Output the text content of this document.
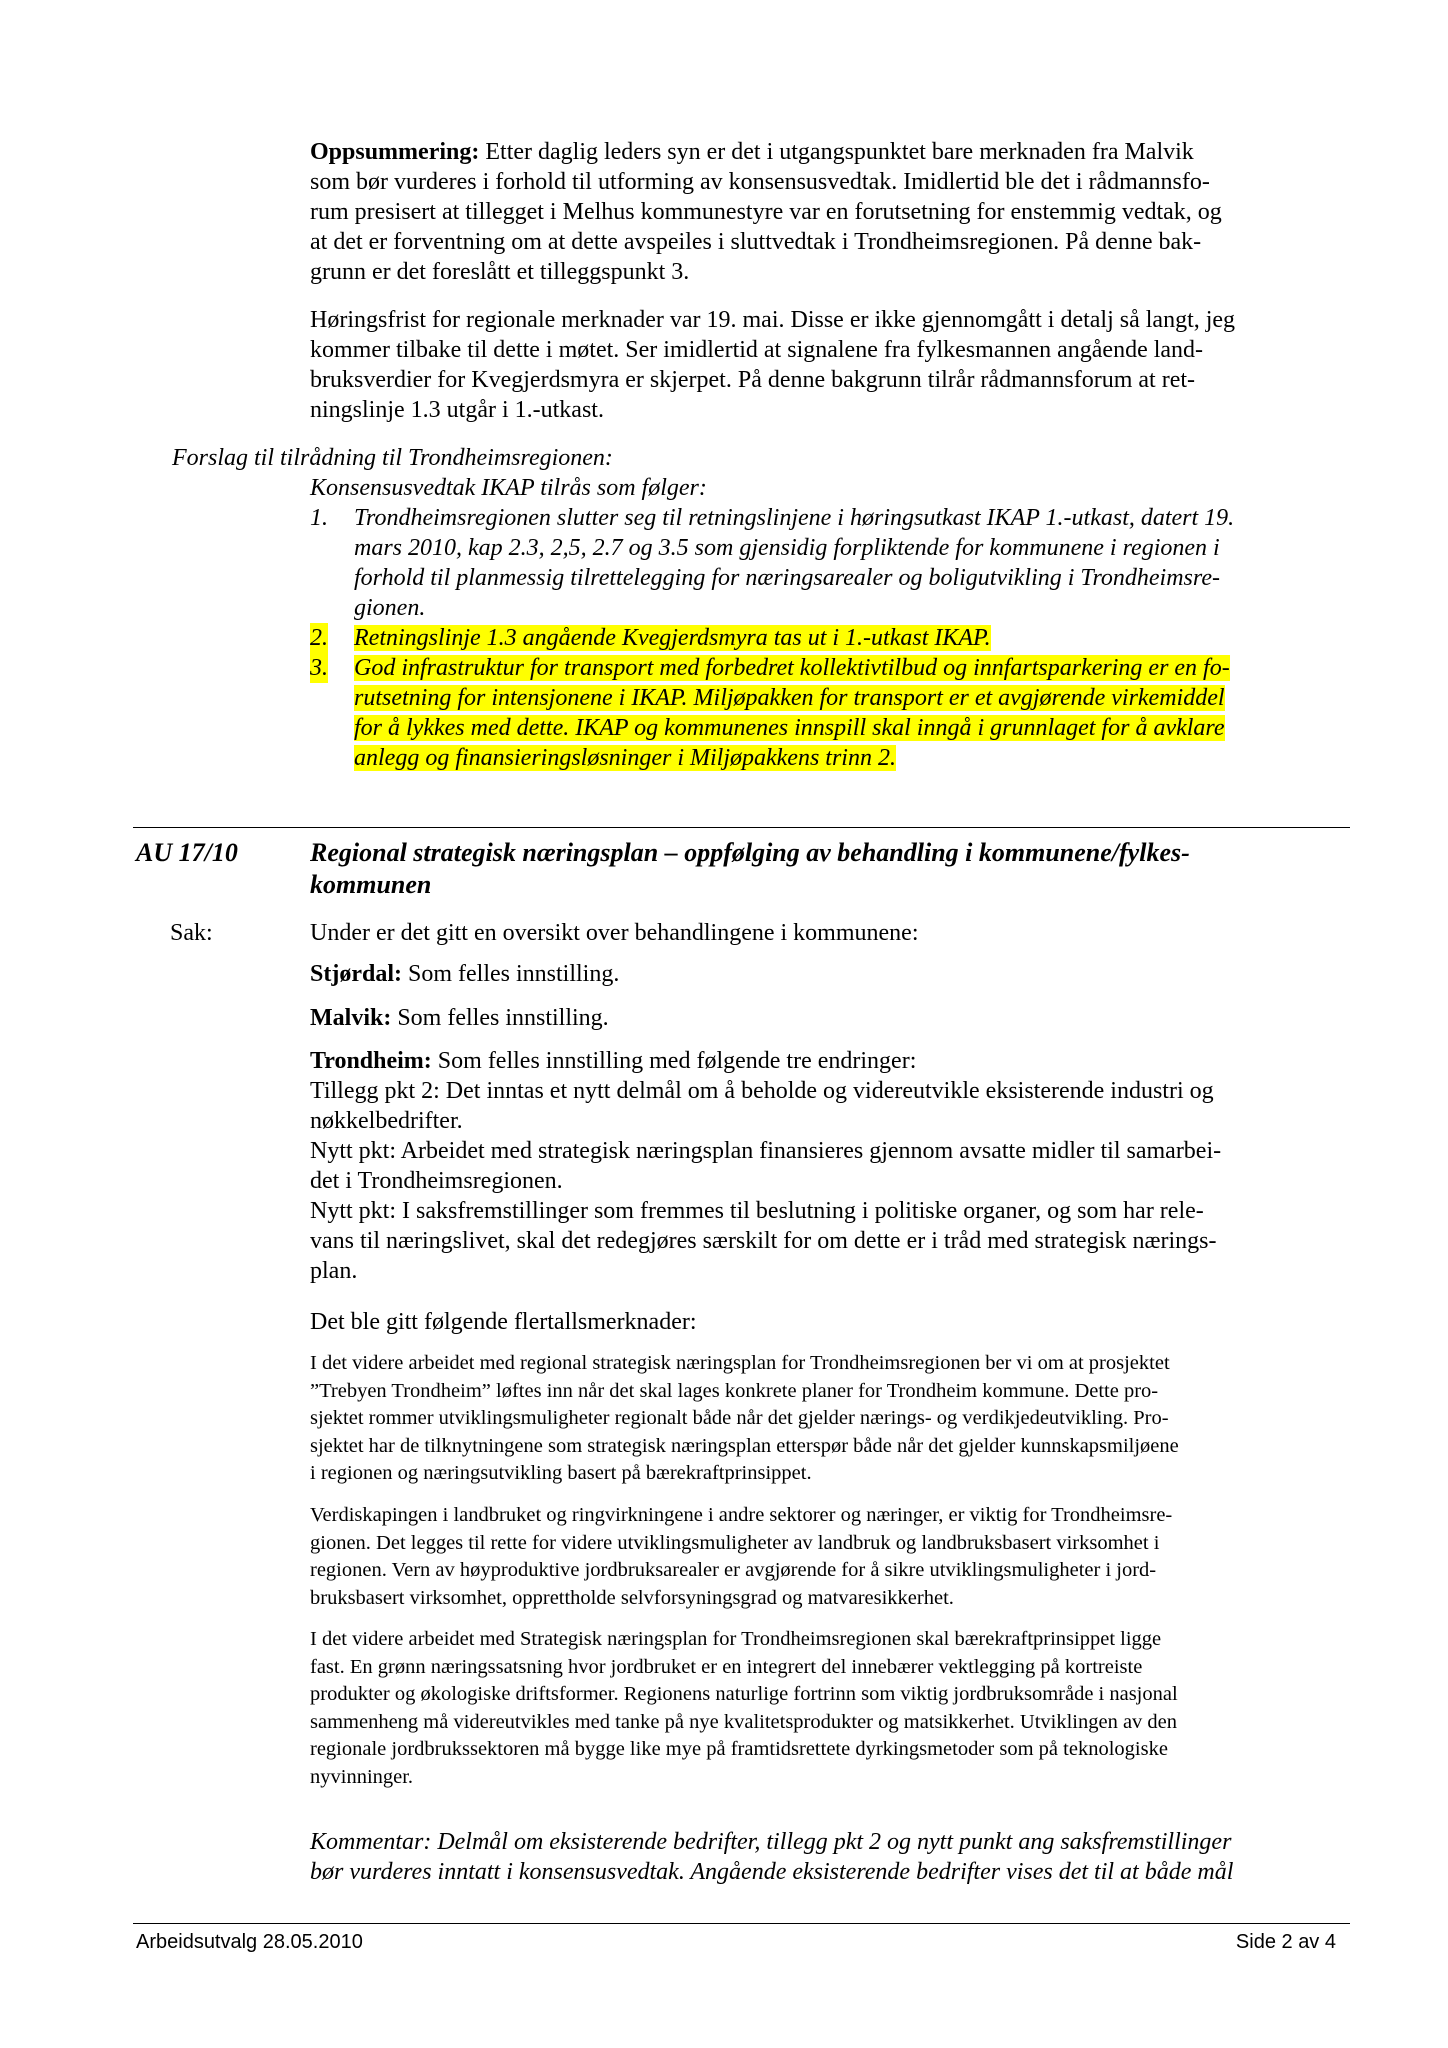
Oppsummering: Etter daglig leders syn er det i utgangspunktet bare merknaden fra Malvik

som bør vurderes i forhold til utforming av konsensusvedtak. Imidlertid ble det i rådmannsfo-

rum presisert at tillegget i Melhus kommunestyre var en forutsetning for enstemmig vedtak, og

at det er forventning om at dette avspeiles i sluttvedtak i Trondheimsregionen. På denne bak-

grunn er det foreslått et tilleggspunkt 3.

Høringsfrist for regionale merknader var 19. mai. Disse er ikke gjennomgått i detalj så langt, jeg

kommer tilbake til dette i møtet. Ser imidlertid at signalene fra fylkesmannen angående land-

bruksverdier for Kvegjerdsmyra er skjerpet. På denne bakgrunn tilrår rådmannsforum at ret-

ningslinje 1.3 utgår i 1.-utkast.

Forslag til tilrådning til Trondheimsregionen:
Konsensusvedtak IKAP tilrås som følger:
1. Trondheimsregionen slutter seg til retningslinjene i høringsutkast IKAP 1.-utkast, datert 19.

mars 2010, kap 2.3, 2,5, 2.7 og 3.5 som gjensidig forpliktende for kommunene i regionen i

forhold til planmessig tilrettelegging for næringsarealer og boligutvikling i Trondheimsre-

gionen.

2. Retningslinje 1.3 angående Kvegjerdsmyra tas ut i 1.-utkast IKAP.

3. God infrastruktur for transport med forbedret kollektivtilbud og innfartsparkering er en fo-

rutsetning for intensjonene i IKAP. Miljøpakken for transport er et avgjørende virkemiddel

for å lykkes med dette. IKAP og kommunenes innspill skal inngå i grunnlaget for å avklare

anlegg og finansieringsløsninger i Miljøpakkens trinn 2.

AU 17/10	Regional strategisk næringsplan – oppfølging av behandling i kommunene/fylkes-

kommunen

Sak:	Under er det gitt en oversikt over behandlingene i kommunene:
Stjørdal: Som felles innstilling.
Malvik: Som felles innstilling.

Trondheim: Som felles innstilling med følgende tre endringer:

Tillegg pkt 2: Det inntas et nytt delmål om å beholde og videreutvikle eksisterende industri og

nøkkelbedrifter.

Nytt pkt: Arbeidet med strategisk næringsplan finansieres gjennom avsatte midler til samarbei-

det i Trondheimsregionen.

Nytt pkt: I saksfremstillinger som fremmes til beslutning i politiske organer, og som har rele-

vans til næringslivet, skal det redegjøres særskilt for om dette er i tråd med strategisk nærings-

plan.

Det ble gitt følgende flertallsmerknader:

I det videre arbeidet med regional strategisk næringsplan for Trondheimsregionen ber vi om at prosjektet

”Trebyen Trondheim” løftes inn når det skal lages konkrete planer for Trondheim kommune. Dette pro-

sjektet rommer utviklingsmuligheter regionalt både når det gjelder nærings- og verdikjedeutvikling. Pro-

sjektet har de tilknytningene som strategisk næringsplan etterspør både når det gjelder kunnskapsmiljøene

i regionen og næringsutvikling basert på bærekraftprinsippet.

Verdiskapingen i landbruket og ringvirkningene i andre sektorer og næringer, er viktig for Trondheimsre-

gionen. Det legges til rette for videre utviklingsmuligheter av landbruk og landbruksbasert virksomhet i

regionen. Vern av høyproduktive jordbruksarealer er avgjørende for å sikre utviklingsmuligheter i jord-

bruksbasert virksomhet, opprettholde selvforsyningsgrad og matvaresikkerhet.

I det videre arbeidet med Strategisk næringsplan for Trondheimsregionen skal bærekraftprinsippet ligge

fast. En grønn næringssatsning hvor jordbruket er en integrert del innebærer vektlegging på kortreiste

produkter og økologiske driftsformer. Regionens naturlige fortrinn som viktig jordbruksområde i nasjonal

sammenheng må videreutvikles med tanke på nye kvalitetsprodukter og matsikkerhet. Utviklingen av den

regionale jordbrukssektoren må bygge like mye på framtidsrettete dyrkingsmetoder som på teknologiske

nyvinninger.

Kommentar: Delmål om eksisterende bedrifter, tillegg pkt 2 og nytt punkt ang saksfremstillinger

bør vurderes inntatt i konsensusvedtak. Angående eksisterende bedrifter vises det til at både mål

Arbeidsutvalg 28.05.2010	Side 2 av 4
